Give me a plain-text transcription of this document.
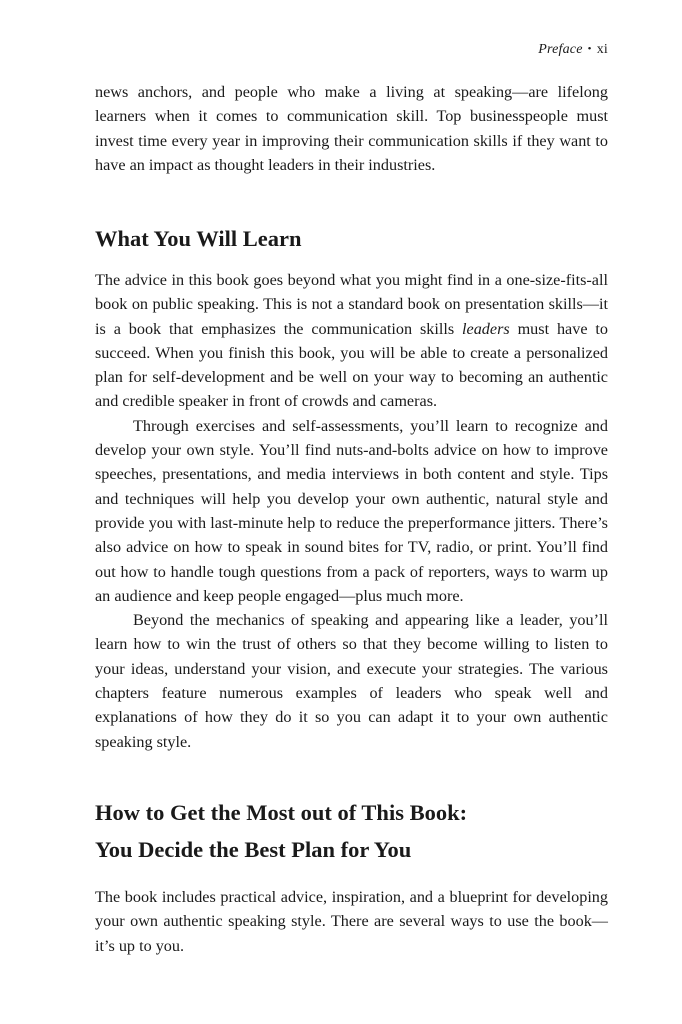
Preface • xi

news anchors, and people who make a living at speaking—are lifelong learners when it comes to communication skill. Top businesspeople must invest time every year in improving their communication skills if they want to have an impact as thought leaders in their industries.

What You Will Learn

The advice in this book goes beyond what you might find in a one-size-fits-all book on public speaking. This is not a standard book on presentation skills—it is a book that emphasizes the communication skills leaders must have to succeed. When you finish this book, you will be able to create a personalized plan for self-development and be well on your way to becoming an authentic and credible speaker in front of crowds and cameras.

Through exercises and self-assessments, you’ll learn to recognize and develop your own style. You’ll find nuts-and-bolts advice on how to improve speeches, presentations, and media interviews in both content and style. Tips and techniques will help you develop your own authentic, natural style and provide you with last-minute help to reduce the preperformance jitters. There’s also advice on how to speak in sound bites for TV, radio, or print. You’ll find out how to handle tough questions from a pack of reporters, ways to warm up an audience and keep people engaged—plus much more.

Beyond the mechanics of speaking and appearing like a leader, you’ll learn how to win the trust of others so that they become willing to listen to your ideas, understand your vision, and execute your strategies. The various chapters feature numerous examples of leaders who speak well and explanations of how they do it so you can adapt it to your own authentic speaking style.

How to Get the Most out of This Book:
You Decide the Best Plan for You

The book includes practical advice, inspiration, and a blueprint for developing your own authentic speaking style. There are several ways to use the book—it’s up to you.
